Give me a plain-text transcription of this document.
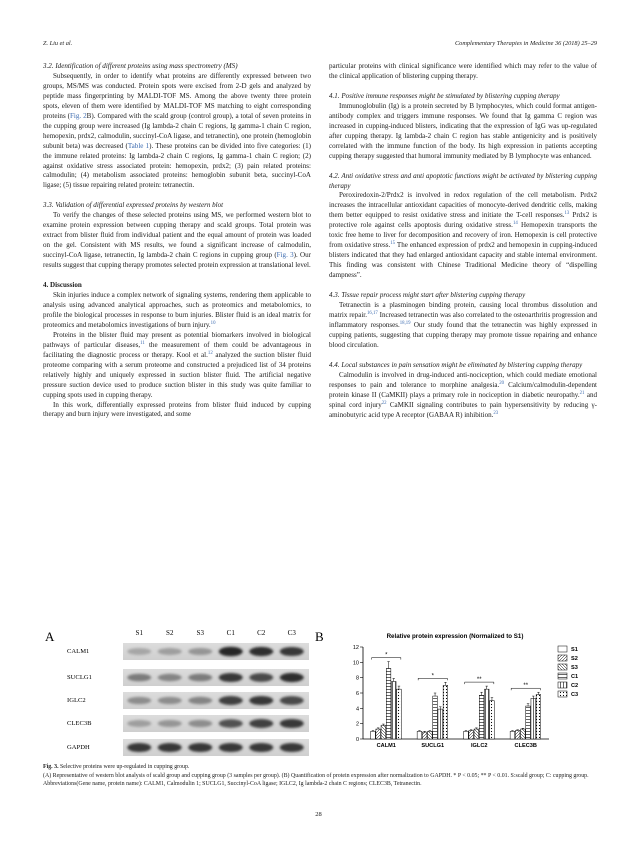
Z. Liu et al.	Complementary Therapies in Medicine 36 (2018) 25–29

3.2. Identification of different proteins using mass spectrometry (MS)

Subsequently, in order to identify what proteins are differently expressed between two groups, MS/MS was conducted. Protein spots were excised from 2-D gels and analyzed by peptide mass fingerprinting by MALDI-TOF MS. Among the above twenty three protein spots, eleven of them were identified by MALDI-TOF MS matching to eight corresponding proteins (Fig. 2B). Compared with the scald group (control group), a total of seven proteins in the cupping group were increased (Ig lambda-2 chain C regions, Ig gamma-1 chain C region, hemopexin, prdx2, calmodulin, succinyl-CoA ligase, and tetranectin), one protein (hemoglobin subunit beta) was decreased (Table 1). These proteins can be divided into five categories: (1) the immune related proteins: Ig lambda-2 chain C regions, Ig gamma-1 chain C region; (2) against oxidative stress associated protein: hemopexin, prdx2; (3) pain related proteins: calmodulin; (4) metabolism associated proteins: hemoglobin subunit beta, succinyl-CoA ligase; (5) tissue repairing related protein: tetranectin.

3.3. Validation of differential expressed proteins by western blot

To verify the changes of these selected proteins using MS, we performed western blot to examine protein expression between cupping therapy and scald groups. Total protein was extract from blister fluid from individual patient and the equal amount of protein was loaded on the gel. Consistent with MS results, we found a significant increase of calmodulin, succinyl-CoA ligase, tetranectin, Ig lambda-2 chain C regions in cupping group (Fig. 3). Our results suggest that cupping therapy promotes selected protein expression at translational level.

4. Discussion

Skin injuries induce a complex network of signaling systems, rendering them applicable to analysis using advanced analytical approaches, such as proteomics and metabolomics, to profile the biological processes in response to burn injuries. Blister fluid is an ideal matrix for proteomics and metabolomics investigations of burn injury.$^{10}$

Proteins in the blister fluid may present as potential biomarkers involved in biological pathways of particular diseases,$^{11}$ the measurement of them could be advantageous in facilitating the diagnostic process or therapy. Kool et al.$^{12}$ analyzed the suction blister fluid proteome comparing with a serum proteome and constructed a prejudiced list of 34 proteins relatively highly and uniquely expressed in suction blister fluid. The artificial negative pressure suction device used to produce suction blister in this study was quite familiar to cupping spots used in cupping therapy.

In this work, differentially expressed proteins from blister fluid induced by cupping therapy and burn injury were investigated, and some

particular proteins with clinical significance were identified which may refer to the value of the clinical application of blistering cupping therapy.

4.1. Positive immune responses might be stimulated by blistering cupping therapy

Immunoglobulin (Ig) is a protein secreted by B lymphocytes, which could format antigen-antibody complex and triggers immune responses. We found that Ig gamma C region was increased in cupping-induced blisters, indicating that the expression of IgG was up-regulated after cupping therapy. Ig lambda-2 chain C region has stable antigenicity and is positively correlated with the immune function of the body. Its high expression in patients accepting cupping therapy suggested that humoral immunity mediated by B lymphocyte was enhanced.

4.2. Anti oxidative stress and anti apoptotic functions might be activated by blistering cupping therapy

Peroxiredoxin-2/Prdx2 is involved in redox regulation of the cell metabolism. Prdx2 increases the intracellular antioxidant capacities of monocyte-derived dendritic cells, making them better equipped to resist oxidative stress and initiate the T-cell responses.$^{13}$ Prdx2 is protective role against cells apoptosis during oxidative stress.$^{14}$ Hemopexin transports the toxic free heme to liver for decomposition and recovery of iron. Hemopexin is cell protective from oxidative stress.$^{15}$ The enhanced expression of prdx2 and hemopexin in cupping-induced blisters indicated that they had enlarged antioxidant capacity and stable internal environment. This finding was consistent with Chinese Traditional Medicine theory of “dispelling dampness”.

4.3. Tissue repair process might start after blistering cupping therapy

Tetranectin is a plasminogen binding protein, causing local thrombus dissolution and matrix repair.$^{16,17}$ Increased tetranectin was also correlated to the osteoarthritis progression and inflammatory responses.$^{18,19}$ Our study found that the tetranectin was highly expressed in cupping patients, suggesting that cupping therapy may promote tissue repairing and enhance blood circulation.

4.4. Local substances in pain sensation might be eliminated by blistering cupping therapy

Calmodulin is involved in drug-induced anti-nociception, which could mediate emotional responses to pain and tolerance to morphine analgesia.$^{20}$ Calcium/calmodulin-dependent protein kinase II (CaMKII) plays a primary role in nociception in diabetic neuropathy.$^{21}$ and spinal cord injury$^{22}$ CaMKII signaling contributes to pain hypersensitivity by reducing γ-aminobutyric acid type A receptor (GABAA R) inhibition.$^{23}$

A	S1	S2	S3	C1	C2	C3
CALM1
SUCLG1
IGLC2
CLEC3B
GAPDH
B	Relative protein expression (Normalized to S1)
0
2
4
6
8
10
12
CALM1
*
SUCLG1
*
IGLC2
**
CLEC3B
**
S1
S2
S3
C1
C2
C3
Fig. 3. Selective proteins were up-regulated in cupping group.
(A) Representative of western blot analysis of scald group and cupping group (3 samples per group). (B) Quantification of protein expression after normalization to GAPDH. * P < 0.05; ** P < 0.01. S:scald group; C: cupping group. Abbreviations(Gene name, protein name): CALM1, Calmodulin 1; SUCLG1, Succinyl-CoA ligase; IGLC2, Ig lambda-2 chain C regions; CLEC3B, Tetranectin.
28
